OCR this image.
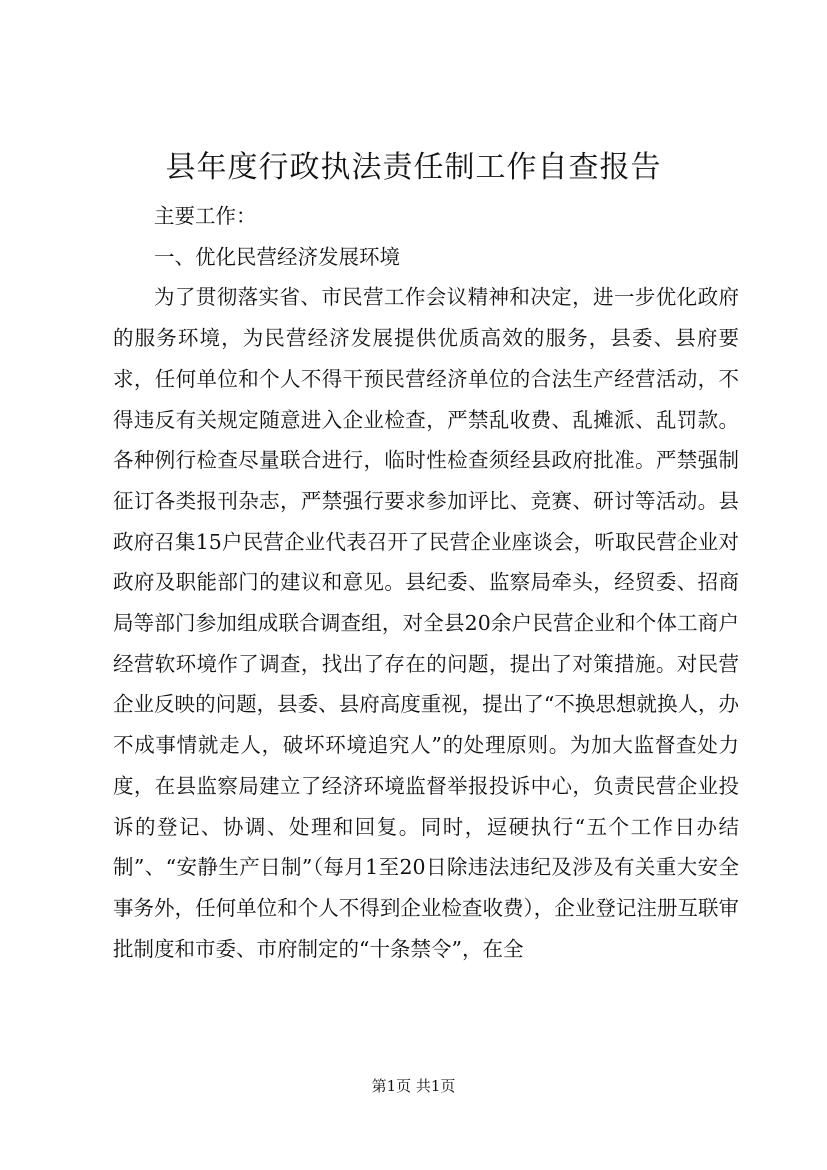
县年度行政执法责任制工作自查报告

主要工作：

一、优化民营经济发展环境

为了贯彻落实省、市民营工作会议精神和决定，进一步优化政府的服务环境，为民营经济发展提供优质高效的服务，县委、县府要求，任何单位和个人不得干预民营经济单位的合法生产经营活动，不得违反有关规定随意进入企业检查，严禁乱收费、乱摊派、乱罚款。各种例行检查尽量联合进行，临时性检查须经县政府批准。严禁强制征订各类报刊杂志，严禁强行要求参加评比、竞赛、研讨等活动。县政府召集15户民营企业代表召开了民营企业座谈会，听取民营企业对政府及职能部门的建议和意见。县纪委、监察局牵头，经贸委、招商局等部门参加组成联合调查组，对全县20余户民营企业和个体工商户经营软环境作了调查，找出了存在的问题，提出了对策措施。对民营企业反映的问题，县委、县府高度重视，提出了“不换思想就换人，办不成事情就走人，破坏环境追究人”的处理原则。为加大监督查处力度，在县监察局建立了经济环境监督举报投诉中心，负责民营企业投诉的登记、协调、处理和回复。同时，逗硬执行“五个工作日办结制”、“安静生产日制”（每月1至20日除违法违纪及涉及有关重大安全事务外，任何单位和个人不得到企业检查收费），企业登记注册互联审批制度和市委、市府制定的“十条禁令”，在全

第1页 共1页
